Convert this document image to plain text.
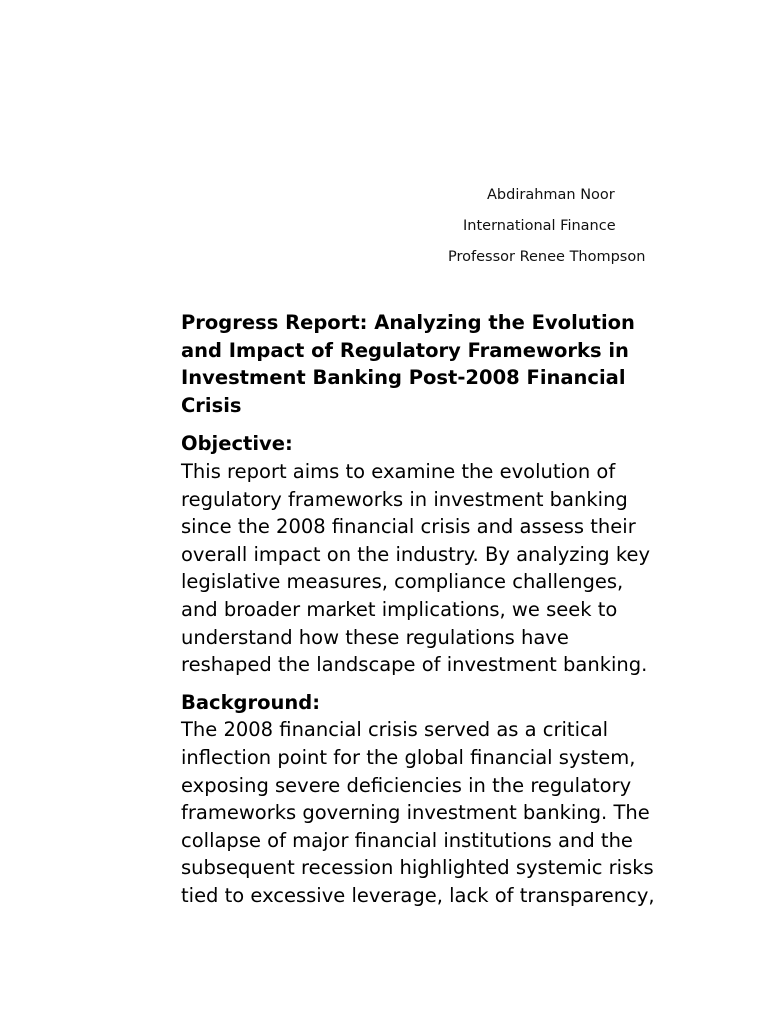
Abdirahman Noor
International Finance
Professor Renee Thompson
Progress Report: Analyzing the Evolution
and Impact of Regulatory Frameworks in
Investment Banking Post-2008 Financial
Crisis
Objective:
This report aims to examine the evolution of
regulatory frameworks in investment banking
since the 2008 financial crisis and assess their
overall impact on the industry. By analyzing key
legislative measures, compliance challenges,
and broader market implications, we seek to
understand how these regulations have
reshaped the landscape of investment banking.
Background:
The 2008 financial crisis served as a critical
inflection point for the global financial system,
exposing severe deficiencies in the regulatory
frameworks governing investment banking. The
collapse of major financial institutions and the
subsequent recession highlighted systemic risks
tied to excessive leverage, lack of transparency,
